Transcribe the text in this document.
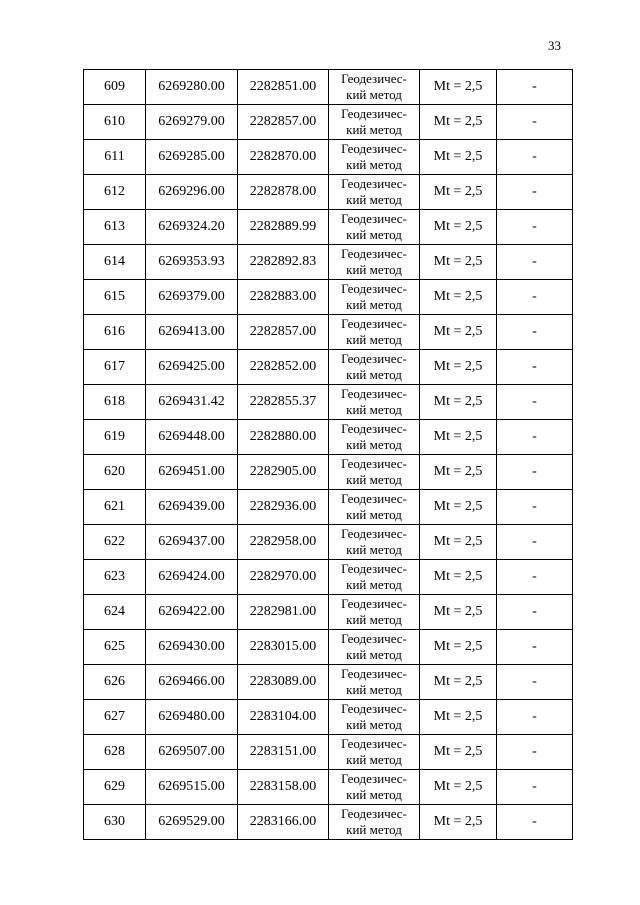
33
609	6269280.00	2282851.00	Геодезичес-
кий метод	Mt = 2,5	-
610	6269279.00	2282857.00	Геодезичес-
кий метод	Mt = 2,5	-
611	6269285.00	2282870.00	Геодезичес-
кий метод	Mt = 2,5	-
612	6269296.00	2282878.00	Геодезичес-
кий метод	Mt = 2,5	-
613	6269324.20	2282889.99	Геодезичес-
кий метод	Mt = 2,5	-
614	6269353.93	2282892.83	Геодезичес-
кий метод	Mt = 2,5	-
615	6269379.00	2282883.00	Геодезичес-
кий метод	Mt = 2,5	-
616	6269413.00	2282857.00	Геодезичес-
кий метод	Mt = 2,5	-
617	6269425.00	2282852.00	Геодезичес-
кий метод	Mt = 2,5	-
618	6269431.42	2282855.37	Геодезичес-
кий метод	Mt = 2,5	-
619	6269448.00	2282880.00	Геодезичес-
кий метод	Mt = 2,5	-
620	6269451.00	2282905.00	Геодезичес-
кий метод	Mt = 2,5	-
621	6269439.00	2282936.00	Геодезичес-
кий метод	Mt = 2,5	-
622	6269437.00	2282958.00	Геодезичес-
кий метод	Mt = 2,5	-
623	6269424.00	2282970.00	Геодезичес-
кий метод	Mt = 2,5	-
624	6269422.00	2282981.00	Геодезичес-
кий метод	Mt = 2,5	-
625	6269430.00	2283015.00	Геодезичес-
кий метод	Mt = 2,5	-
626	6269466.00	2283089.00	Геодезичес-
кий метод	Mt = 2,5	-
627	6269480.00	2283104.00	Геодезичес-
кий метод	Mt = 2,5	-
628	6269507.00	2283151.00	Геодезичес-
кий метод	Mt = 2,5	-
629	6269515.00	2283158.00	Геодезичес-
кий метод	Mt = 2,5	-
630	6269529.00	2283166.00	Геодезичес-
кий метод	Mt = 2,5	-
